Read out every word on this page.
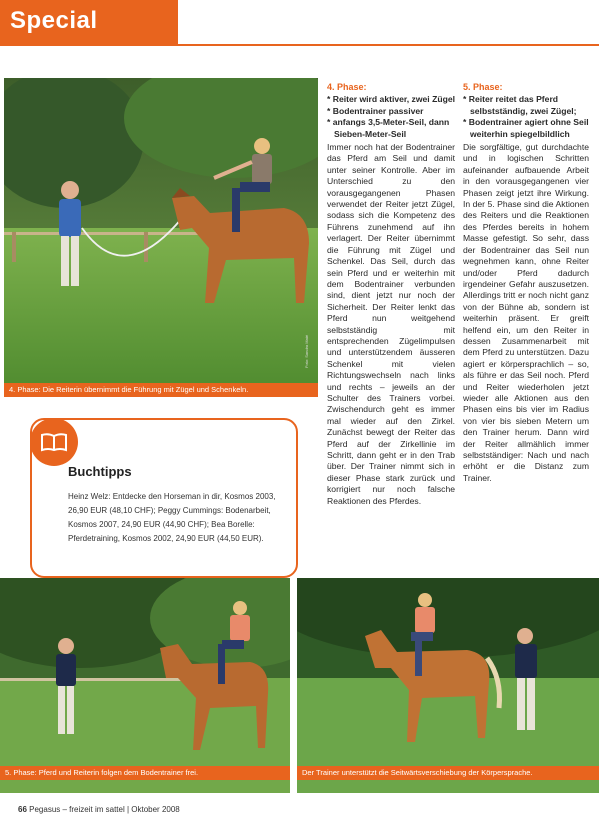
Special
Foto: Sandra Maté
4. Phase: Die Reiterin übernimmt die Führung mit Zügel und Schenkeln.
4. Phase:
* Reiter wird aktiver, zwei Zügel
* Bodentrainer passiver
* anfangs 3,5-Meter-Seil, dann Sieben-Meter-Seil

Immer noch hat der Bodentrainer das Pferd am Seil und damit unter seiner Kontrolle. Aber im Unterschied zu den vorausgegangenen Phasen verwendet der Reiter jetzt Zügel, sodass sich die Kompetenz des Führens zunehmend auf ihn verlagert. Der Reiter übernimmt die Führung mit Zügel und Schenkel. Das Seil, durch das sein Pferd und er weiterhin mit dem Bodentrainer verbunden sind, dient jetzt nur noch der Sicherheit. Der Reiter lenkt das Pferd nun weitgehend selbstständig mit entsprechenden Zügelimpulsen und unterstützendem äusseren Schenkel mit vielen Richtungswechseln nach links und rechts – jeweils an der Schulter des Trainers vorbei. Zwischendurch geht es immer mal wieder auf den Zirkel. Zunächst bewegt der Reiter das Pferd auf der Zirkellinie im Schritt, dann geht er in den Trab über. Der Trainer nimmt sich in dieser Phase stark zurück und korrigiert nur noch falsche Reaktionen des Pferdes.

5. Phase:
* Reiter reitet das Pferd selbstständig, zwei Zügel;
* Bodentrainer agiert ohne Seil weiterhin spiegelbildlich

Die sorgfältige, gut durchdachte und in logischen Schritten aufeinander aufbauende Arbeit in den vorausgegangenen vier Phasen zeigt jetzt ihre Wirkung. In der 5. Phase sind die Aktionen des Reiters und die Reaktionen des Pferdes bereits in hohem Masse gefestigt. So sehr, dass der Bodentrainer das Seil nun wegnehmen kann, ohne Reiter und/oder Pferd dadurch irgendeiner Gefahr auszusetzen. Allerdings tritt er noch nicht ganz von der Bühne ab, sondern ist weiterhin präsent. Er greift helfend ein, um den Reiter in dessen Zusammenarbeit mit dem Pferd zu unterstützen. Dazu agiert er körpersprachlich – so, als führe er das Seil noch. Pferd und Reiter wiederholen jetzt wieder alle Aktionen aus den Phasen eins bis vier im Radius von vier bis sieben Metern um den Trainer herum. Dann wird der Reiter allmählich immer selbstständiger: Nach und nach erhöht er die Distanz zum Trainer.

Buchtipps
Heinz Welz: Entdecke den Horseman in dir, Kosmos 2003, 26,90 EUR (48,10 CHF); Peggy Cummings: Bodenarbeit, Kosmos 2007, 24,90 EUR (44,90 CHF); Bea Borelle: Pferdetraining, Kosmos 2002, 24,90 EUR (44,50 EUR).
5. Phase: Pferd und Reiterin folgen dem Bodentrainer frei.	Der Trainer unterstützt die Seitwärtsverschiebung der Körpersprache.
66 Pegasus – freizeit im sattel | Oktober 2008
